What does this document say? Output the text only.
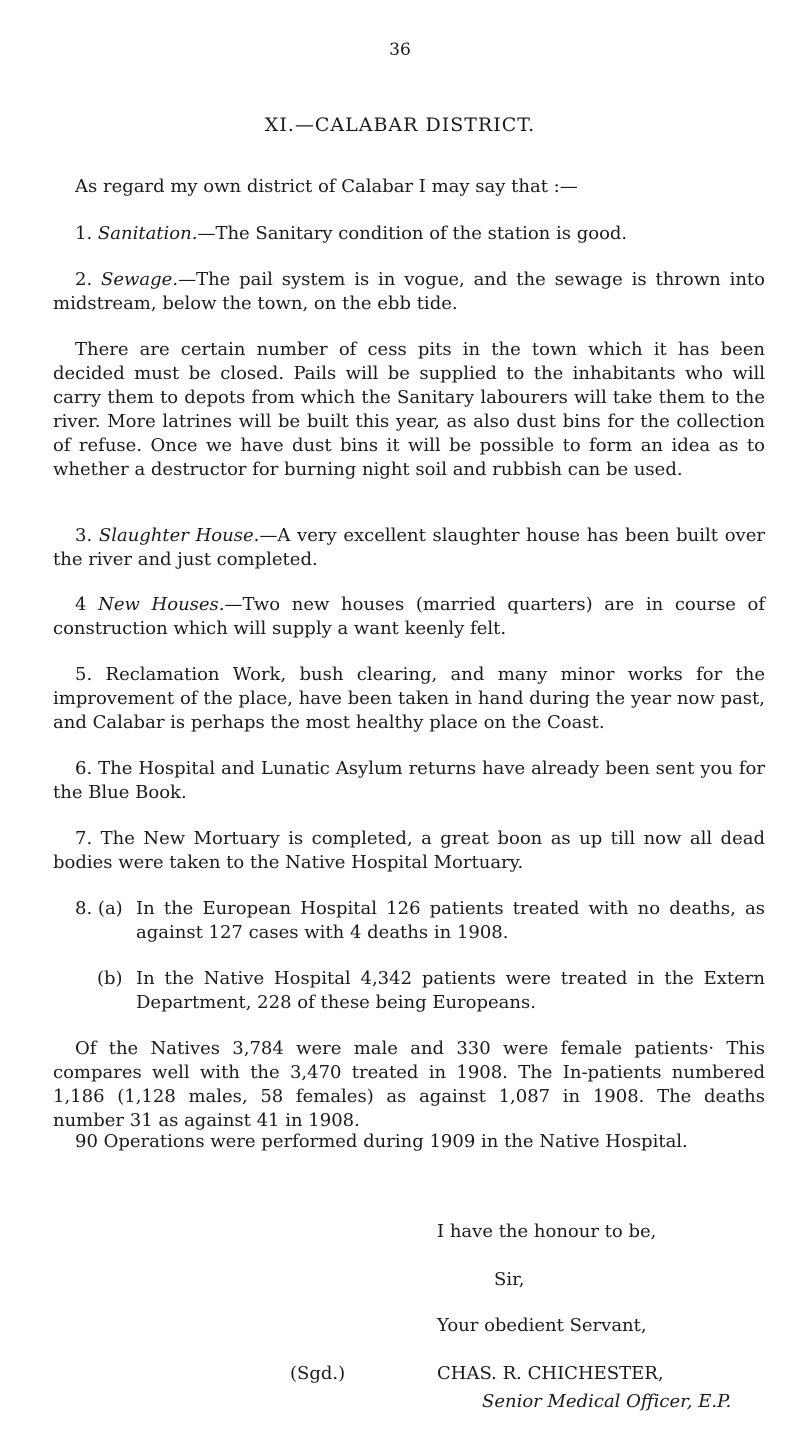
36
XI.—CALABAR DISTRICT.

As regard my own district of Calabar I may say that :—

1. Sanitation.—The Sanitary condition of the station is good.

2. Sewage.—The pail system is in vogue, and the sewage is thrown into midstream, below the town, on the ebb tide.

There are certain number of cess pits in the town which it has been decided must be closed. Pails will be supplied to the inhabitants who will carry them to depots from which the Sanitary labourers will take them to the river. More latrines will be built this year, as also dust bins for the collection of refuse. Once we have dust bins it will be possible to form an idea as to whether a destructor for burning night soil and rubbish can be used.

3. Slaughter House.—A very excellent slaughter house has been built over the river and just completed.

4 New Houses.—Two new houses (married quarters) are in course of construction which will supply a want keenly felt.

5. Reclamation Work, bush clearing, and many minor works for the improvement of the place, have been taken in hand during the year now past, and Calabar is perhaps the most healthy place on the Coast.

6. The Hospital and Lunatic Asylum returns have already been sent you for the Blue Book.

7. The New Mortuary is completed, a great boon as up till now all dead bodies were taken to the Native Hospital Mortuary.

8. (a) In the European Hospital 126 patients treated with no deaths, as against 127 cases with 4 deaths in 1908.

(b) In the Native Hospital 4,342 patients were treated in the Extern Department, 228 of these being Europeans.

Of the Natives 3,784 were male and 330 were female patients· This compares well with the 3,470 treated in 1908. The In-patients numbered 1,186 (1,128 males, 58 females) as against 1,087 in 1908. The deaths number 31 as against 41 in 1908.

90 Operations were performed during 1909 in the Native Hospital.

I have the honour to be,
Sir,
Your obedient Servant,
(Sgd.)	CHAS. R. CHICHESTER,
Senior Medical Officer, E.P.
